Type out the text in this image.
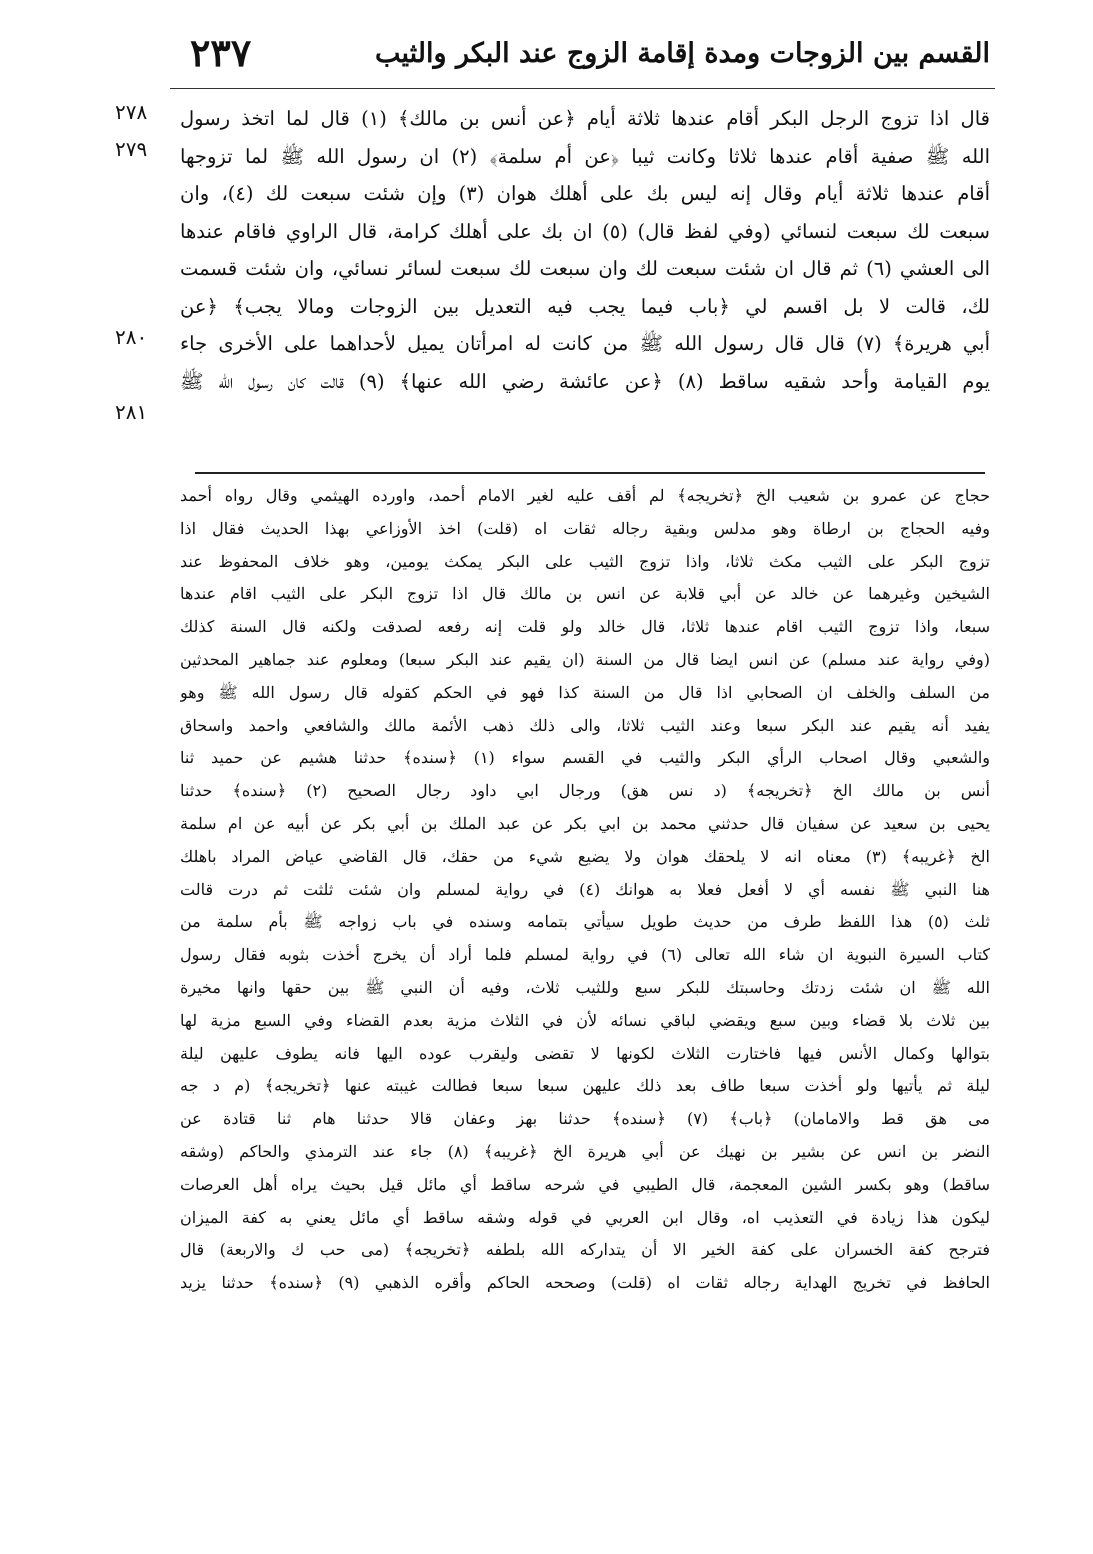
٢٣٧	القسم بين الزوجات ومدة إقامة الزوج عند البكر والثيب
٢٧٨
٢٧٩
٢٨٠
٢٨١
قال اذا تزوج الرجل البكر أقام عندها ثلاثة أيام ﴿عن أنس بن مالك﴾ (١) قال لما اتخذ رسول
الله ﷺ صفية أقام عندها ثلاثا وكانت ثيبا ﴿عن أم سلمة﴾ (٢) ان رسول الله ﷺ لما تزوجها
أقام عندها ثلاثة أيام وقال إنه ليس بك على أهلك هوان (٣) وإن شئت سبعت لك (٤)، وان
سبعت لك سبعت لنسائي (وفي لفظ قال) (٥) ان بك على أهلك كرامة، قال الراوي فاقام عندها
الى العشي (٦) ثم قال ان شئت سبعت لك وان سبعت لك سبعت لسائر نسائي، وان شئت قسمت
لك، قالت لا بل اقسم لي ﴿باب فيما يجب فيه التعديل بين الزوجات ومالا يجب﴾ ﴿عن
أبي هريرة﴾ (٧) قال قال رسول الله ﷺ من كانت له امرأتان يميل لأحداهما على الأخرى جاء
يوم القيامة وأحد شقيه ساقط (٨) ﴿عن عائشة رضي الله عنها﴾ (٩) قالت كان رسول الله ﷺ
حجاج عن عمرو بن شعيب الخ ﴿تخريجه﴾ لم أقف عليه لغير الامام أحمد، واورده الهيثمي وقال رواه أحمد
وفيه الحجاج بن ارطاة وهو مدلس وبقية رجاله ثقات اه (قلت) اخذ الأوزاعي بهذا الحديث فقال اذا
تزوج البكر على الثيب مكث ثلاثا، واذا تزوج الثيب على البكر يمكث يومين، وهو خلاف المحفوظ عند
الشيخين وغيرهما عن خالد عن أبي قلابة عن انس بن مالك قال اذا تزوج البكر على الثيب اقام عندها
سبعا، واذا تزوج الثيب اقام عندها ثلاثا، قال خالد ولو قلت إنه رفعه لصدقت ولكنه قال السنة كذلك
(وفي رواية عند مسلم) عن انس ايضا قال من السنة (ان يقيم عند البكر سبعا) ومعلوم عند جماهير المحدثين
من السلف والخلف ان الصحابي اذا قال من السنة كذا فهو في الحكم كقوله قال رسول الله ﷺ وهو
يفيد أنه يقيم عند البكر سبعا وعند الثيب ثلاثا، والى ذلك ذهب الأئمة مالك والشافعي واحمد واسحاق
والشعبي وقال اصحاب الرأي البكر والثيب في القسم سواء (١) ﴿سنده﴾ حدثنا هشيم عن حميد ثنا
أنس بن مالك الخ ﴿تخريجه﴾ (د نس هق) ورجال ابي داود رجال الصحيح (٢) ﴿سنده﴾ حدثنا
يحيى بن سعيد عن سفيان قال حدثني محمد بن ابي بكر عن عبد الملك بن أبي بكر عن أبيه عن ام سلمة
الخ ﴿غريبه﴾ (٣) معناه انه لا يلحقك هوان ولا يضيع شيء من حقك، قال القاضي عياض المراد باهلك
هنا النبي ﷺ نفسه أي لا أفعل فعلا به هوانك (٤) في رواية لمسلم وان شئت ثلثت ثم درت قالت
ثلث (٥) هذا اللفظ طرف من حديث طويل سيأتي بتمامه وسنده في باب زواجه ﷺ بأم سلمة من
كتاب السيرة النبوية ان شاء الله تعالى (٦) في رواية لمسلم فلما أراد أن يخرج أخذت بثوبه فقال رسول
الله ﷺ ان شئت زدتك وحاسبتك للبكر سبع وللثيب ثلاث، وفيه أن النبي ﷺ بين حقها وانها مخيرة
بين ثلاث بلا قضاء وبين سبع ويقضي لباقي نسائه لأن في الثلاث مزية بعدم القضاء وفي السبع مزية لها
بتوالها وكمال الأنس فيها فاختارت الثلاث لكونها لا تقضى وليقرب عوده اليها فانه يطوف عليهن ليلة
ليلة ثم يأتيها ولو أخذت سبعا طاف بعد ذلك عليهن سبعا سبعا فطالت غيبته عنها ﴿تخريجه﴾ (م د جه
مى هق قط والامامان) ﴿باب﴾ (٧) ﴿سنده﴾ حدثنا بهز وعفان قالا حدثنا هام ثنا قتادة عن
النضر بن انس عن بشير بن نهيك عن أبي هريرة الخ ﴿غريبه﴾ (٨) جاء عند الترمذي والحاكم (وشقه
ساقط) وهو بكسر الشين المعجمة، قال الطيبي في شرحه ساقط أي مائل قيل بحيث يراه أهل العرصات
ليكون هذا زيادة في التعذيب اه، وقال ابن العربي في قوله وشقه ساقط أي مائل يعني به كفة الميزان
فترجح كفة الخسران على كفة الخير الا أن يتداركه الله بلطفه ﴿تخريجه﴾ (مى حب ك والاربعة) قال
الحافظ في تخريج الهداية رجاله ثقات اه (قلت) وصححه الحاكم وأقره الذهبي (٩) ﴿سنده﴾ حدثنا يزيد
